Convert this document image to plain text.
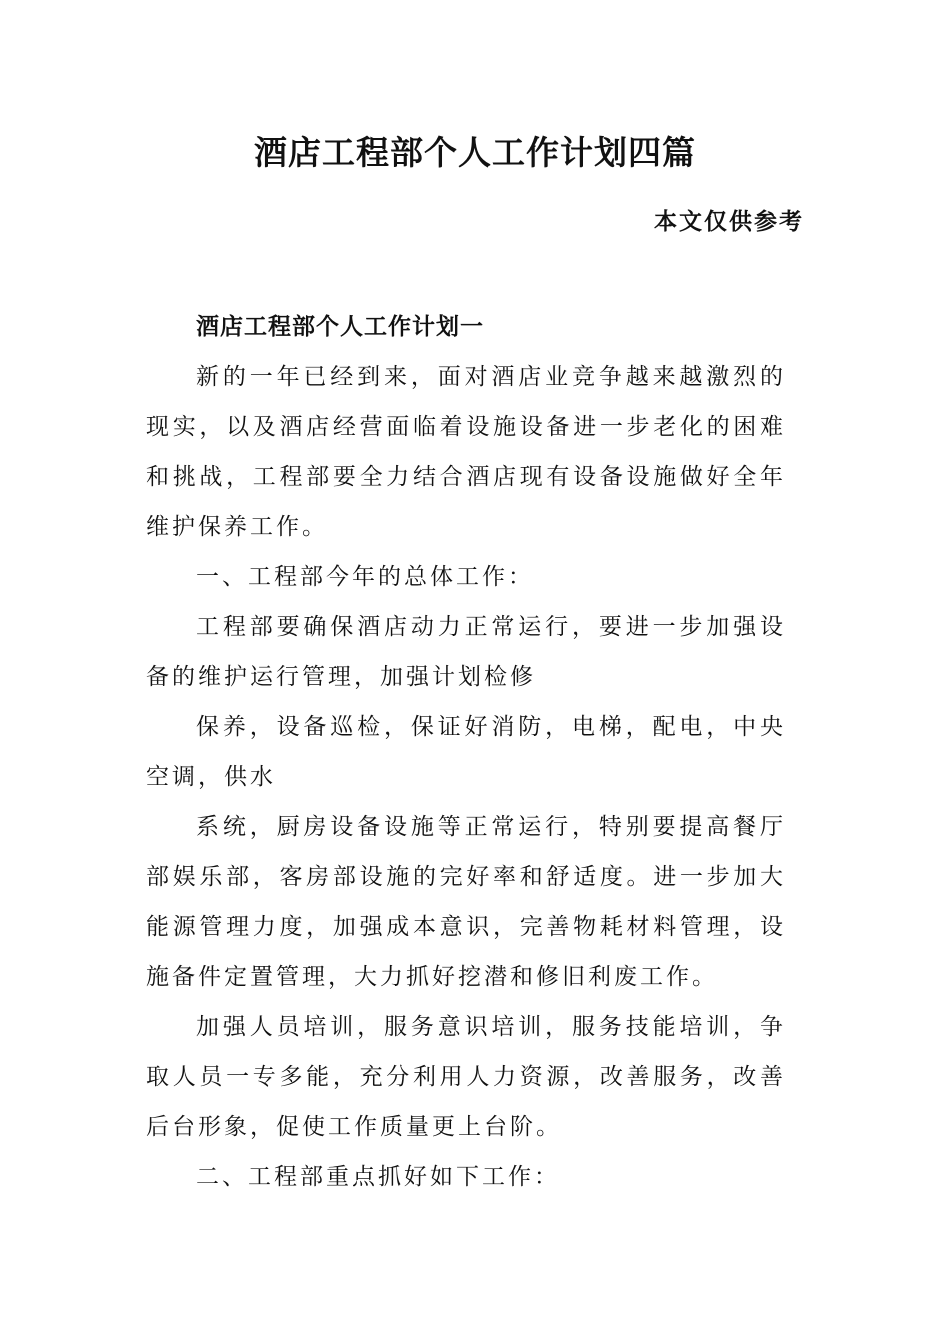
酒店工程部个人工作计划四篇

本文仅供参考

酒店工程部个人工作计划一

新的一年已经到来，面对酒店业竞争越来越激烈的现实，以及酒店经营面临着设施设备进一步老化的困难和挑战，工程部要全力结合酒店现有设备设施做好全年维护保养工作。

一、工程部今年的总体工作：

工程部要确保酒店动力正常运行，要进一步加强设备的维护运行管理，加强计划检修

保养，设备巡检，保证好消防，电梯，配电，中央空调，供水

系统，厨房设备设施等正常运行，特别要提高餐厅部娱乐部，客房部设施的完好率和舒适度。进一步加大能源管理力度，加强成本意识，完善物耗材料管理，设施备件定置管理，大力抓好挖潜和修旧利废工作。

加强人员培训，服务意识培训，服务技能培训，争取人员一专多能，充分利用人力资源，改善服务，改善后台形象，促使工作质量更上台阶。

二、工程部重点抓好如下工作：
